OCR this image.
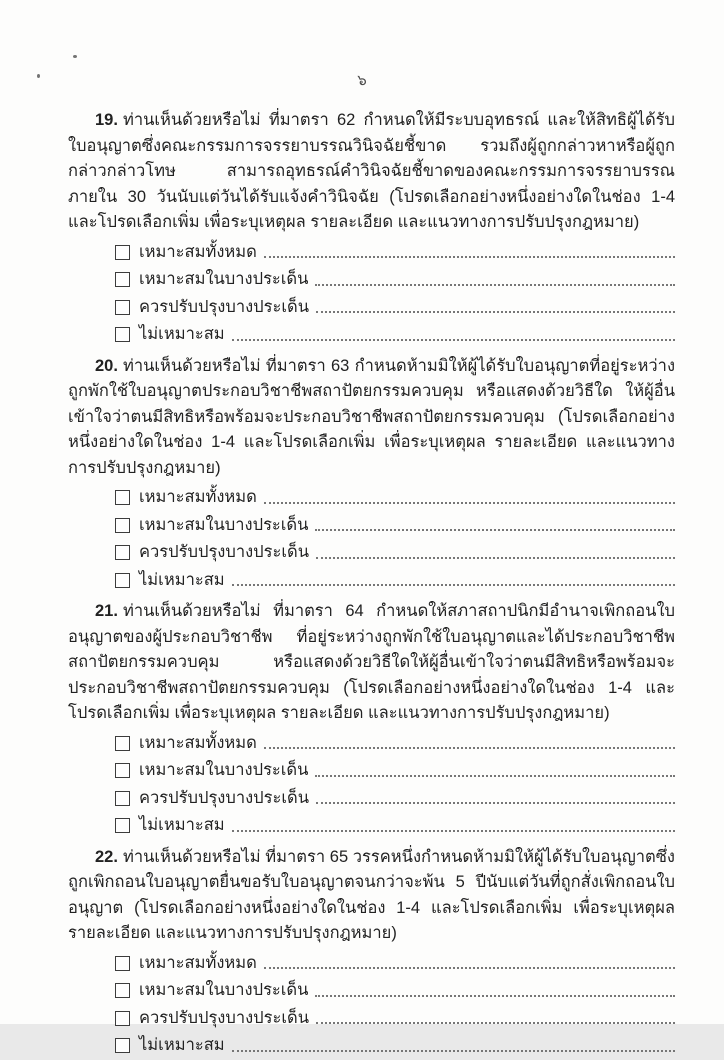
๖

19. ท่านเห็นด้วยหรือไม่ ที่มาตรา 62 กำหนดให้มีระบบอุทธรณ์ และให้สิทธิผู้ได้รับใบอนุญาตซึ่งคณะกรรมการจรรยาบรรณวินิจฉัยชี้ขาด รวมถึงผู้ถูกกล่าวหาหรือผู้ถูกกล่าวกล่าวโทษ สามารถอุทธรณ์คำวินิจฉัยชี้ขาดของคณะกรรมการจรรยาบรรณ ภายใน 30 วันนับแต่วันได้รับแจ้งคำวินิจฉัย (โปรดเลือกอย่างหนึ่งอย่างใดในช่อง 1-4 และโปรดเลือกเพิ่ม เพื่อระบุเหตุผล รายละเอียด และแนวทางการปรับปรุงกฎหมาย)

เหมาะสมทั้งหมด
เหมาะสมในบางประเด็น
ควรปรับปรุงบางประเด็น
ไม่เหมาะสม

20. ท่านเห็นด้วยหรือไม่ ที่มาตรา 63 กำหนดห้ามมิให้ผู้ได้รับใบอนุญาตที่อยู่ระหว่างถูกพักใช้ใบอนุญาตประกอบวิชาชีพสถาปัตยกรรมควบคุม หรือแสดงด้วยวิธีใด ให้ผู้อื่นเข้าใจว่าตนมีสิทธิหรือพร้อมจะประกอบวิชาชีพสถาปัตยกรรมควบคุม (โปรดเลือกอย่างหนึ่งอย่างใดในช่อง 1-4 และโปรดเลือกเพิ่ม เพื่อระบุเหตุผล รายละเอียด และแนวทางการปรับปรุงกฎหมาย)

เหมาะสมทั้งหมด
เหมาะสมในบางประเด็น
ควรปรับปรุงบางประเด็น
ไม่เหมาะสม

21. ท่านเห็นด้วยหรือไม่ ที่มาตรา 64 กำหนดให้สภาสถาปนิกมีอำนาจเพิกถอนใบอนุญาตของผู้ประกอบวิชาชีพ ที่อยู่ระหว่างถูกพักใช้ใบอนุญาตและได้ประกอบวิชาชีพสถาปัตยกรรมควบคุม หรือแสดงด้วยวิธีใดให้ผู้อื่นเข้าใจว่าตนมีสิทธิหรือพร้อมจะประกอบวิชาชีพสถาปัตยกรรมควบคุม (โปรดเลือกอย่างหนึ่งอย่างใดในช่อง 1-4 และโปรดเลือกเพิ่ม เพื่อระบุเหตุผล รายละเอียด และแนวทางการปรับปรุงกฎหมาย)

เหมาะสมทั้งหมด
เหมาะสมในบางประเด็น
ควรปรับปรุงบางประเด็น
ไม่เหมาะสม

22. ท่านเห็นด้วยหรือไม่ ที่มาตรา 65 วรรคหนึ่งกำหนดห้ามมิให้ผู้ได้รับใบอนุญาตซึ่งถูกเพิกถอนใบอนุญาตยื่นขอรับใบอนุญาตจนกว่าจะพ้น 5 ปีนับแต่วันที่ถูกสั่งเพิกถอนใบอนุญาต (โปรดเลือกอย่างหนึ่งอย่างใดในช่อง 1-4 และโปรดเลือกเพิ่ม เพื่อระบุเหตุผล รายละเอียด และแนวทางการปรับปรุงกฎหมาย)

เหมาะสมทั้งหมด
เหมาะสมในบางประเด็น
ควรปรับปรุงบางประเด็น
ไม่เหมาะสม
